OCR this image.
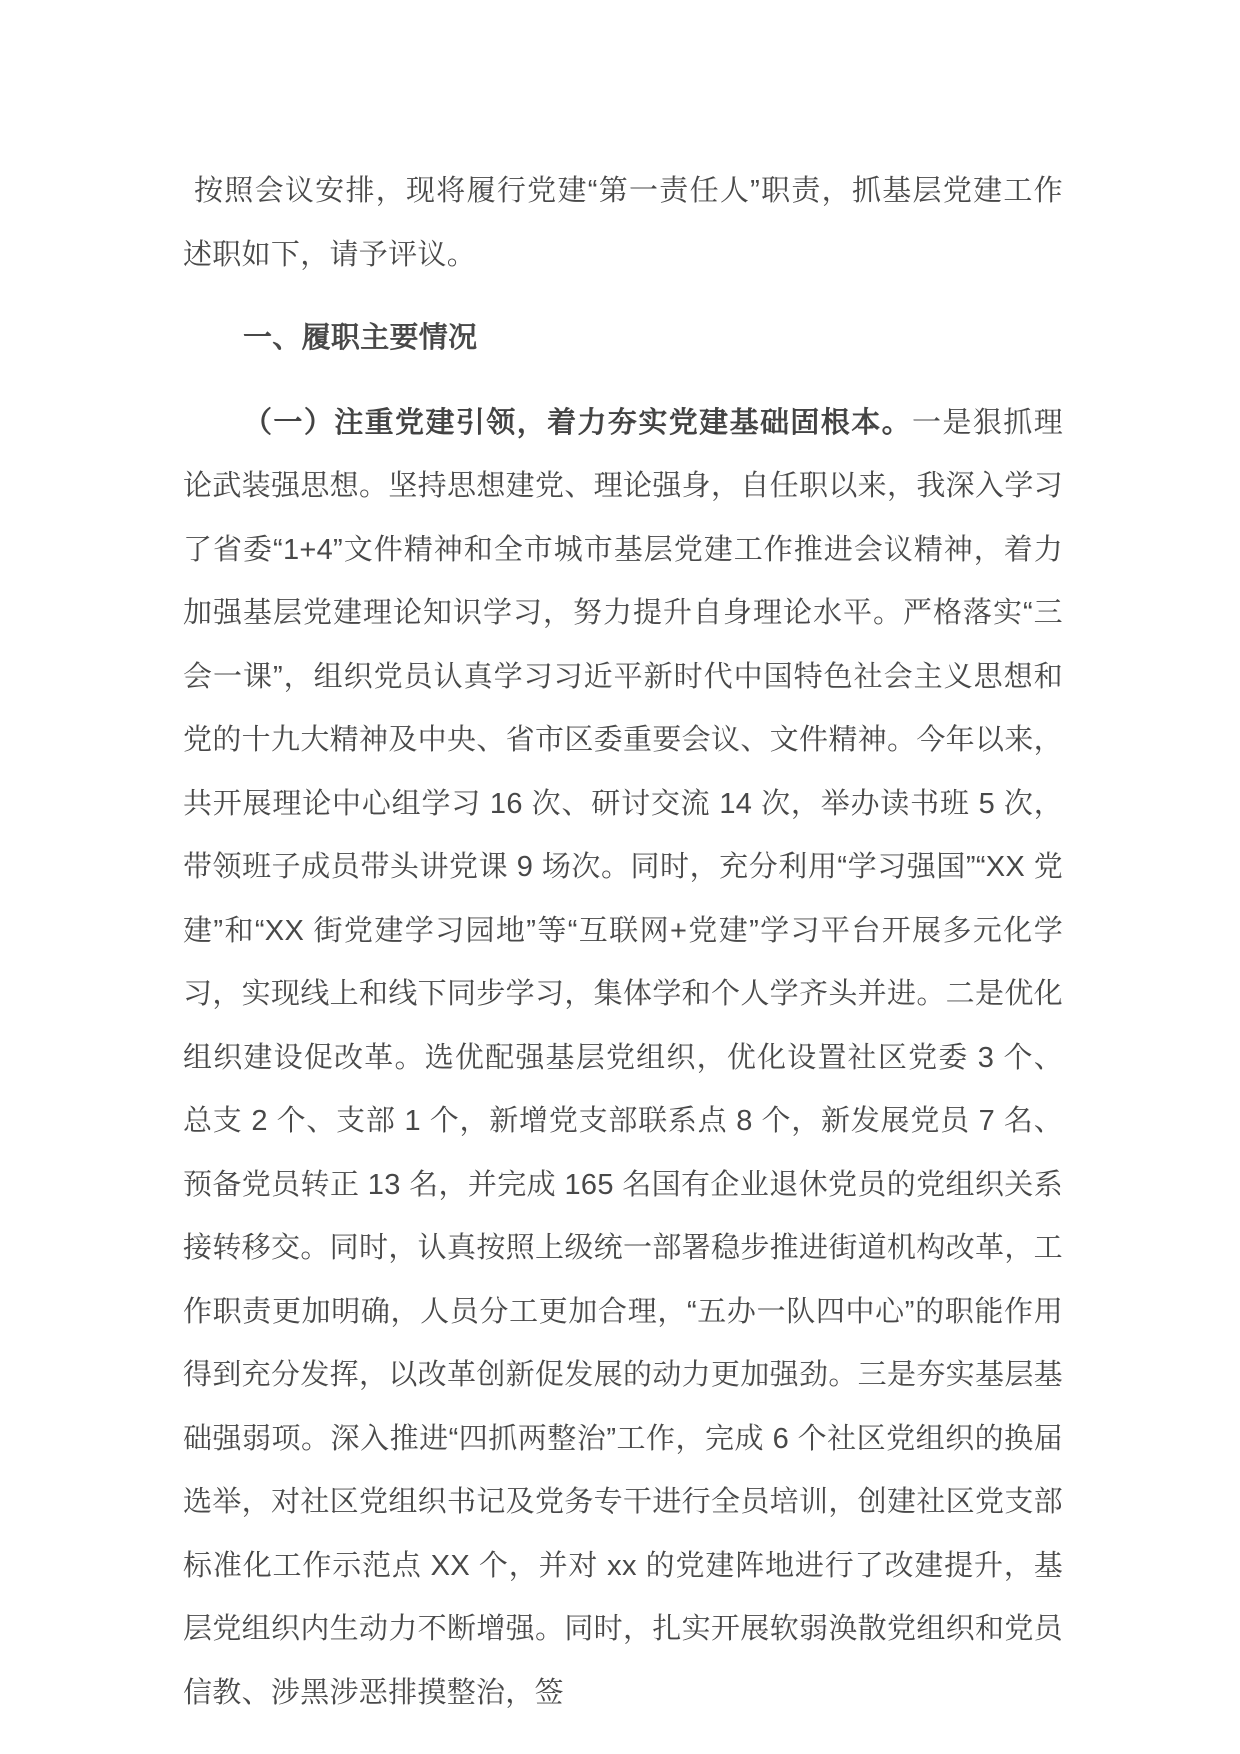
按照会议安排，现将履行党建“第一责任人”职责，抓基层党建工作述职如下，请予评议。

一、履职主要情况

（一）注重党建引领，着力夯实党建基础固根本。一是狠抓理论武装强思想。坚持思想建党、理论强身，自任职以来，我深入学习了省委“1+4”文件精神和全市城市基层党建工作推进会议精神，着力加强基层党建理论知识学习，努力提升自身理论水平。严格落实“三会一课”，组织党员认真学习习近平新时代中国特色社会主义思想和党的十九大精神及中央、省市区委重要会议、文件精神。今年以来，共开展理论中心组学习 16 次、研讨交流 14 次，举办读书班 5 次，带领班子成员带头讲党课 9 场次。同时，充分利用“学习强国”“XX 党建”和“XX 街党建学习园地”等“互联网+党建”学习平台开展多元化学习，实现线上和线下同步学习，集体学和个人学齐头并进。二是优化组织建设促改革。选优配强基层党组织，优化设置社区党委 3 个、总支 2 个、支部 1 个，新增党支部联系点 8 个，新发展党员 7 名、预备党员转正 13 名，并完成 165 名国有企业退休党员的党组织关系接转移交。同时，认真按照上级统一部署稳步推进街道机构改革，工作职责更加明确，人员分工更加合理，“五办一队四中心”的职能作用得到充分发挥，以改革创新促发展的动力更加强劲。三是夯实基层基础强弱项。深入推进“四抓两整治”工作，完成 6 个社区党组织的换届选举，对社区党组织书记及党务专干进行全员培训，创建社区党支部标准化工作示范点 XX 个，并对 xx 的党建阵地进行了改建提升，基层党组织内生动力不断增强。同时，扎实开展软弱涣散党组织和党员信教、涉黑涉恶排摸整治，签
